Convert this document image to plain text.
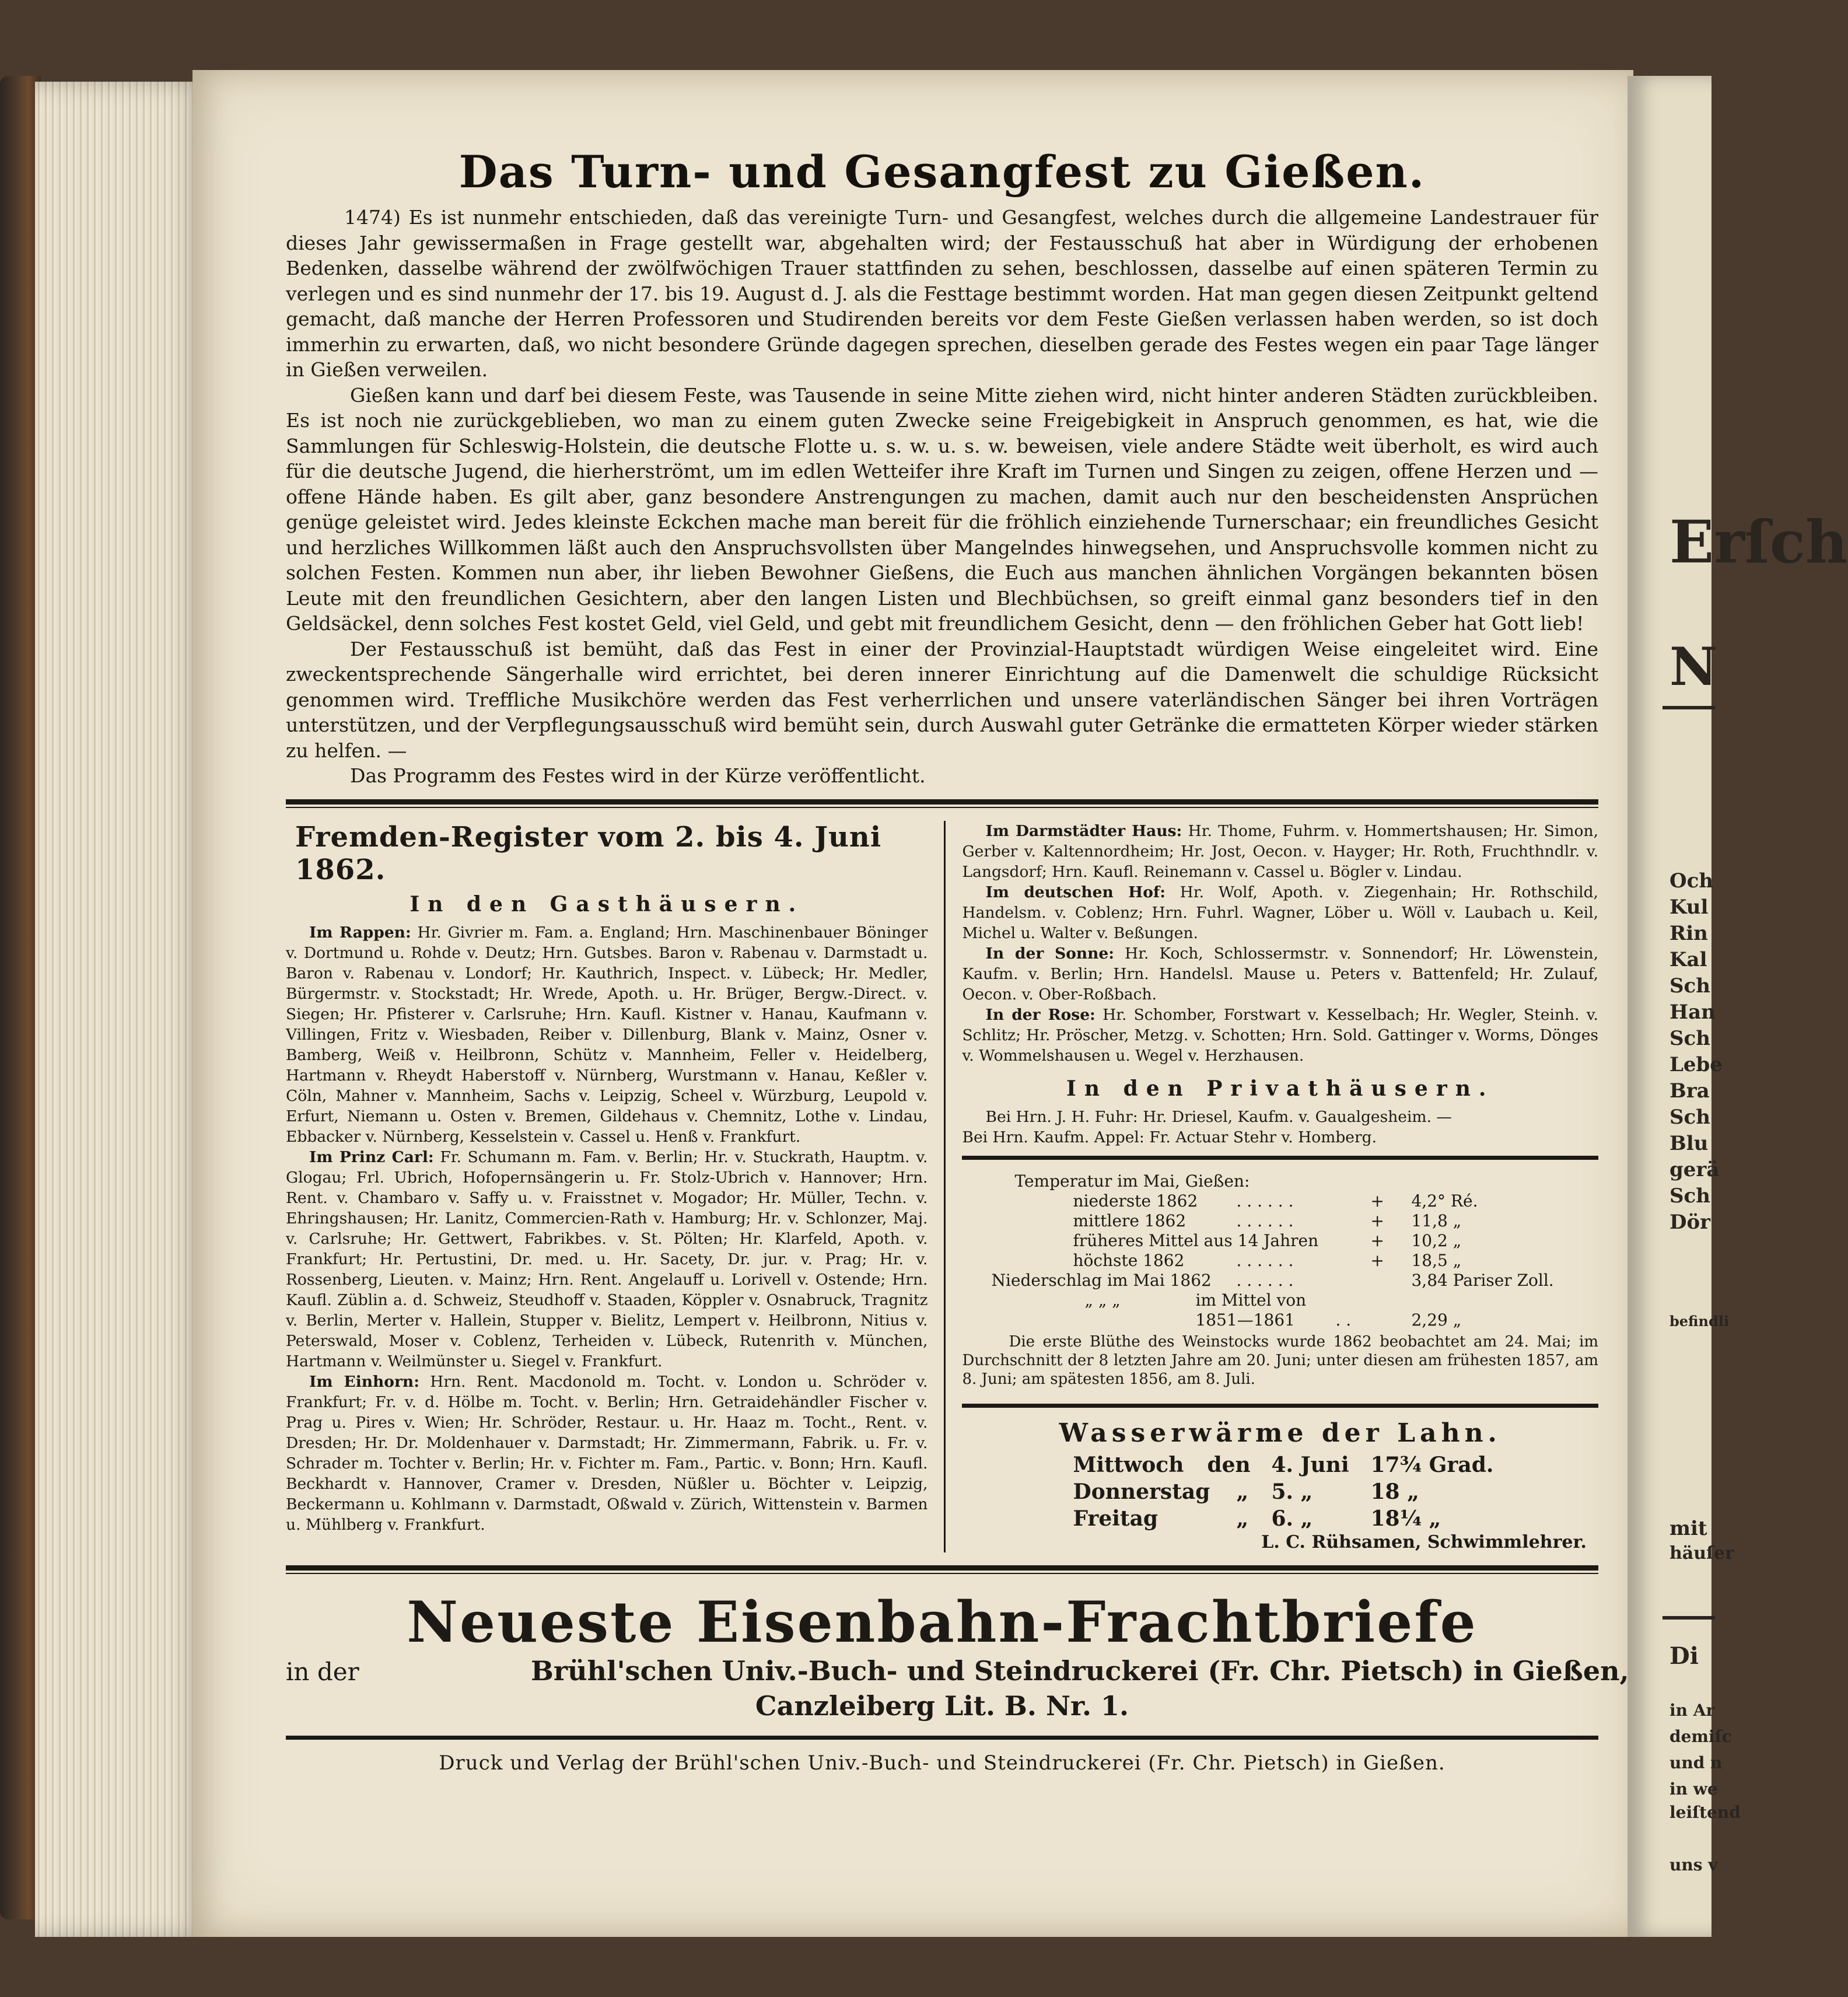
Erſch
N
Och
Kul
Rin
Kal
Sch
Han
Sch
Lebe
Bra
Sch
Blu
gerä
Sch
Dör
befindli
mit
häuſer
Di
in Ar
demiſc
und n
in we
leiſtend
uns v
Das Turn- und Gesangfest zu Gießen.

1474) Es ist nunmehr entschieden, daß das vereinigte Turn- und Gesangfest, welches durch die allgemeine Landestrauer für dieses Jahr gewissermaßen in Frage gestellt war, abgehalten wird; der Festausschuß hat aber in Würdigung der erhobenen Bedenken, dasselbe während der zwölfwöchigen Trauer stattfinden zu sehen, beschlossen, dasselbe auf einen späteren Termin zu verlegen und es sind nunmehr der 17. bis 19. August d. J. als die Festtage bestimmt worden. Hat man gegen diesen Zeitpunkt geltend gemacht, daß manche der Herren Professoren und Studirenden bereits vor dem Feste Gießen verlassen haben werden, so ist doch immerhin zu erwarten, daß, wo nicht besondere Gründe dagegen sprechen, dieselben gerade des Festes wegen ein paar Tage länger in Gießen verweilen.

Gießen kann und darf bei diesem Feste, was Tausende in seine Mitte ziehen wird, nicht hinter anderen Städten zurückbleiben. Es ist noch nie zurückgeblieben, wo man zu einem guten Zwecke seine Freigebigkeit in Anspruch genommen, es hat, wie die Sammlungen für Schleswig-Holstein, die deutsche Flotte u. s. w. u. s. w. beweisen, viele andere Städte weit überholt, es wird auch für die deutsche Jugend, die hierherströmt, um im edlen Wetteifer ihre Kraft im Turnen und Singen zu zeigen, offene Herzen und — offene Hände haben. Es gilt aber, ganz besondere Anstrengungen zu machen, damit auch nur den bescheidensten Ansprüchen genüge geleistet wird. Jedes kleinste Eckchen mache man bereit für die fröhlich einziehende Turnerschaar; ein freundliches Gesicht und herzliches Willkommen läßt auch den Anspruchsvollsten über Mangelndes hinwegsehen, und Anspruchsvolle kommen nicht zu solchen Festen. Kommen nun aber, ihr lieben Bewohner Gießens, die Euch aus manchen ähnlichen Vorgängen bekannten bösen Leute mit den freundlichen Gesichtern, aber den langen Listen und Blechbüchsen, so greift einmal ganz besonders tief in den Geldsäckel, denn solches Fest kostet Geld, viel Geld, und gebt mit freundlichem Gesicht, denn — den fröhlichen Geber hat Gott lieb!

Der Festausschuß ist bemüht, daß das Fest in einer der Provinzial-Hauptstadt würdigen Weise eingeleitet wird. Eine zweckentsprechende Sängerhalle wird errichtet, bei deren innerer Einrichtung auf die Damenwelt die schuldige Rücksicht genommen wird. Treffliche Musikchöre werden das Fest verherrlichen und unsere vaterländischen Sänger bei ihren Vorträgen unterstützen, und der Verpflegungsausschuß wird bemüht sein, durch Auswahl guter Getränke die ermatteten Körper wieder stärken zu helfen. —

Das Programm des Festes wird in der Kürze veröffentlicht.

Fremden-Register vom 2. bis 4. Juni 1862.
In den Gasthäusern.

Im Rappen: Hr. Givrier m. Fam. a. England; Hrn. Maschinenbauer Böninger v. Dortmund u. Rohde v. Deutz; Hrn. Gutsbes. Baron v. Rabenau v. Darmstadt u. Baron v. Rabenau v. Londorf; Hr. Kauthrich, Inspect. v. Lübeck; Hr. Medler, Bürgermstr. v. Stockstadt; Hr. Wrede, Apoth. u. Hr. Brüger, Bergw.-Direct. v. Siegen; Hr. Pfisterer v. Carlsruhe; Hrn. Kaufl. Kistner v. Hanau, Kaufmann v. Villingen, Fritz v. Wiesbaden, Reiber v. Dillenburg, Blank v. Mainz, Osner v. Bamberg, Weiß v. Heilbronn, Schütz v. Mannheim, Feller v. Heidelberg, Hartmann v. Rheydt Haberstoff v. Nürnberg, Wurstmann v. Hanau, Keßler v. Cöln, Mahner v. Mannheim, Sachs v. Leipzig, Scheel v. Würzburg, Leupold v. Erfurt, Niemann u. Osten v. Bremen, Gildehaus v. Chemnitz, Lothe v. Lindau, Ebbacker v. Nürnberg, Kesselstein v. Cassel u. Henß v. Frankfurt.

Im Prinz Carl: Fr. Schumann m. Fam. v. Berlin; Hr. v. Stuckrath, Hauptm. v. Glogau; Frl. Ubrich, Hofopernsängerin u. Fr. Stolz-Ubrich v. Hannover; Hrn. Rent. v. Chambaro v. Saffy u. v. Fraisstnet v. Mogador; Hr. Müller, Techn. v. Ehringshausen; Hr. Lanitz, Commercien-Rath v. Hamburg; Hr. v. Schlonzer, Maj. v. Carlsruhe; Hr. Gettwert, Fabrikbes. v. St. Pölten; Hr. Klarfeld, Apoth. v. Frankfurt; Hr. Pertustini, Dr. med. u. Hr. Sacety, Dr. jur. v. Prag; Hr. v. Rossenberg, Lieuten. v. Mainz; Hrn. Rent. Angelauff u. Lorivell v. Ostende; Hrn. Kaufl. Züblin a. d. Schweiz, Steudhoff v. Staaden, Köppler v. Osnabruck, Tragnitz v. Berlin, Merter v. Hallein, Stupper v. Bielitz, Lempert v. Heilbronn, Nitius v. Peterswald, Moser v. Coblenz, Terheiden v. Lübeck, Rutenrith v. München, Hartmann v. Weilmünster u. Siegel v. Frankfurt.

Im Einhorn: Hrn. Rent. Macdonold m. Tocht. v. London u. Schröder v. Frankfurt; Fr. v. d. Hölbe m. Tocht. v. Berlin; Hrn. Getraidehändler Fischer v. Prag u. Pires v. Wien; Hr. Schröder, Restaur. u. Hr. Haaz m. Tocht., Rent. v. Dresden; Hr. Dr. Moldenhauer v. Darmstadt; Hr. Zimmermann, Fabrik. u. Fr. v. Schrader m. Tochter v. Berlin; Hr. v. Fichter m. Fam., Partic. v. Bonn; Hrn. Kaufl. Beckhardt v. Hannover, Cramer v. Dresden, Nüßler u. Böchter v. Leipzig, Beckermann u. Kohlmann v. Darmstadt, Oßwald v. Zürich, Wittenstein v. Barmen u. Mühlberg v. Frankfurt.

Im Darmstädter Haus: Hr. Thome, Fuhrm. v. Hommertshausen; Hr. Simon, Gerber v. Kaltennordheim; Hr. Jost, Oecon. v. Hayger; Hr. Roth, Fruchthndlr. v. Langsdorf; Hrn. Kaufl. Reinemann v. Cassel u. Bögler v. Lindau.

Im deutschen Hof: Hr. Wolf, Apoth. v. Ziegenhain; Hr. Rothschild, Handelsm. v. Coblenz; Hrn. Fuhrl. Wagner, Löber u. Wöll v. Laubach u. Keil, Michel u. Walter v. Beßungen.

In der Sonne: Hr. Koch, Schlossermstr. v. Sonnendorf; Hr. Löwenstein, Kaufm. v. Berlin; Hrn. Handelsl. Mause u. Peters v. Battenfeld; Hr. Zulauf, Oecon. v. Ober-Roßbach.

In der Rose: Hr. Schomber, Forstwart v. Kesselbach; Hr. Wegler, Steinh. v. Schlitz; Hr. Pröscher, Metzg. v. Schotten; Hrn. Sold. Gattinger v. Worms, Dönges v. Wommelshausen u. Wegel v. Herzhausen.

In den Privathäusern.

Bei Hrn. J. H. Fuhr: Hr. Driesel, Kaufm. v. Gaualgesheim. —

Bei Hrn. Kaufm. Appel: Fr. Actuar Stehr v. Homberg.

Temperatur im Mai, Gießen:
niederste 1862 . . . . . .	+ 4,2° Ré.
mittlere 1862	. . . . . .	+ 11,8 „
früheres Mittel aus 14 Jahren	+ 10,2 „
höchste 1862	. . . . . .	+ 18,5 „
Niederschlag im Mai 1862 . . . . . .	3,84 Pariser Zoll.
„ „ „	im Mittel von
1851—1861 . .	2,29 „

Die erste Blüthe des Weinstocks wurde 1862 beobachtet am 24. Mai; im Durchschnitt der 8 letzten Jahre am 20. Juni; unter diesen am frühesten 1857, am 8. Juni; am spätesten 1856, am 8. Juli.

Wasserwärme der Lahn.
Mittwoch den 4. Juni 17¾ Grad.
Donnerstag „ 5. „	18 „
Freitag	„ 6. „	18¼ „
L. C. Rühsamen, Schwimmlehrer.
Neueste Eisenbahn-Frachtbriefe
in der	Brühl'schen Univ.-Buch- und Steindruckerei (Fr. Chr. Pietsch) in Gießen,
Canzleiberg Lit. B. Nr. 1.
Druck und Verlag der Brühl'schen Univ.-Buch- und Steindruckerei (Fr. Chr. Pietsch) in Gießen.
